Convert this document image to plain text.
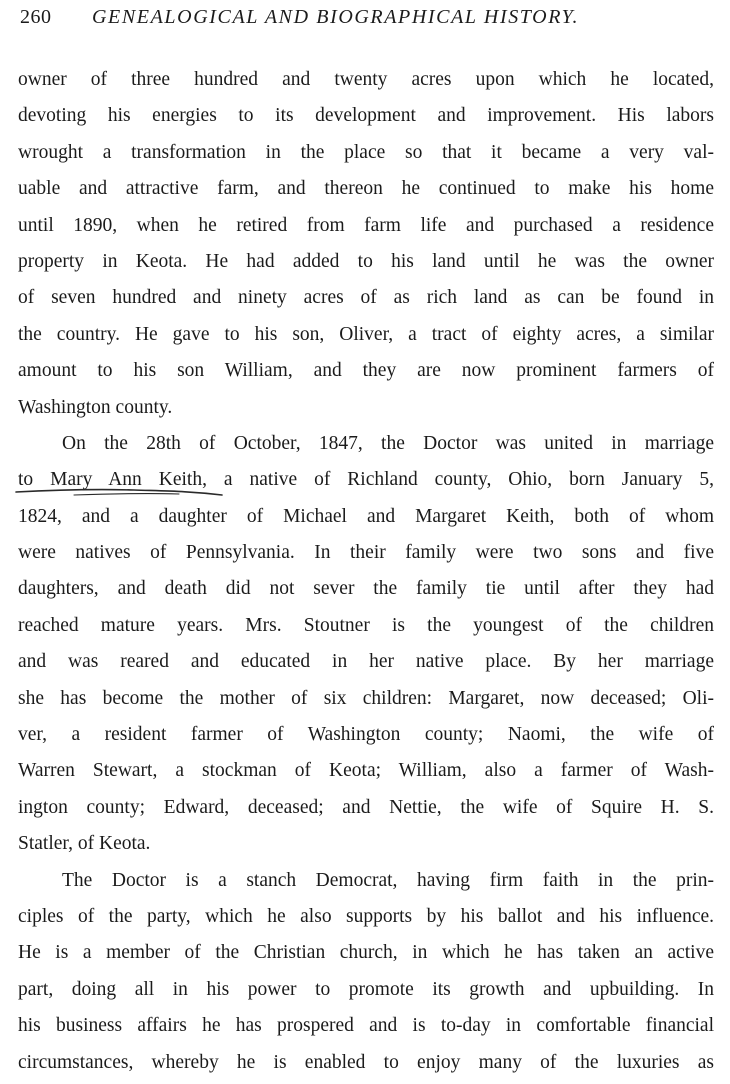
260 GENEALOGICAL AND BIOGRAPHICAL HISTORY.
owner of three hundred and twenty acres upon which he located,
devoting his energies to its development and improvement. His labors
wrought a transformation in the place so that it became a very val-
uable and attractive farm, and thereon he continued to make his home
until 1890, when he retired from farm life and purchased a residence
property in Keota. He had added to his land until he was the owner
of seven hundred and ninety acres of as rich land as can be found in
the country. He gave to his son, Oliver, a tract of eighty acres, a similar
amount to his son William, and they are now prominent farmers of
Washington county.
On the 28th of October, 1847, the Doctor was united in marriage
to Mary Ann Keith, a native of Richland county, Ohio, born January 5,
1824, and a daughter of Michael and Margaret Keith, both of whom
were natives of Pennsylvania. In their family were two sons and five
daughters, and death did not sever the family tie until after they had
reached mature years. Mrs. Stoutner is the youngest of the children
and was reared and educated in her native place. By her marriage
she has become the mother of six children: Margaret, now deceased; Oli-
ver, a resident farmer of Washington county; Naomi, the wife of
Warren Stewart, a stockman of Keota; William, also a farmer of Wash-
ington county; Edward, deceased; and Nettie, the wife of Squire H. S.
Statler, of Keota.
The Doctor is a stanch Democrat, having firm faith in the prin-
ciples of the party, which he also supports by his ballot and his influence.
He is a member of the Christian church, in which he has taken an active
part, doing all in his power to promote its growth and upbuilding. In
his business affairs he has prospered and is to-day in comfortable financial
circumstances, whereby he is enabled to enjoy many of the luxuries as
